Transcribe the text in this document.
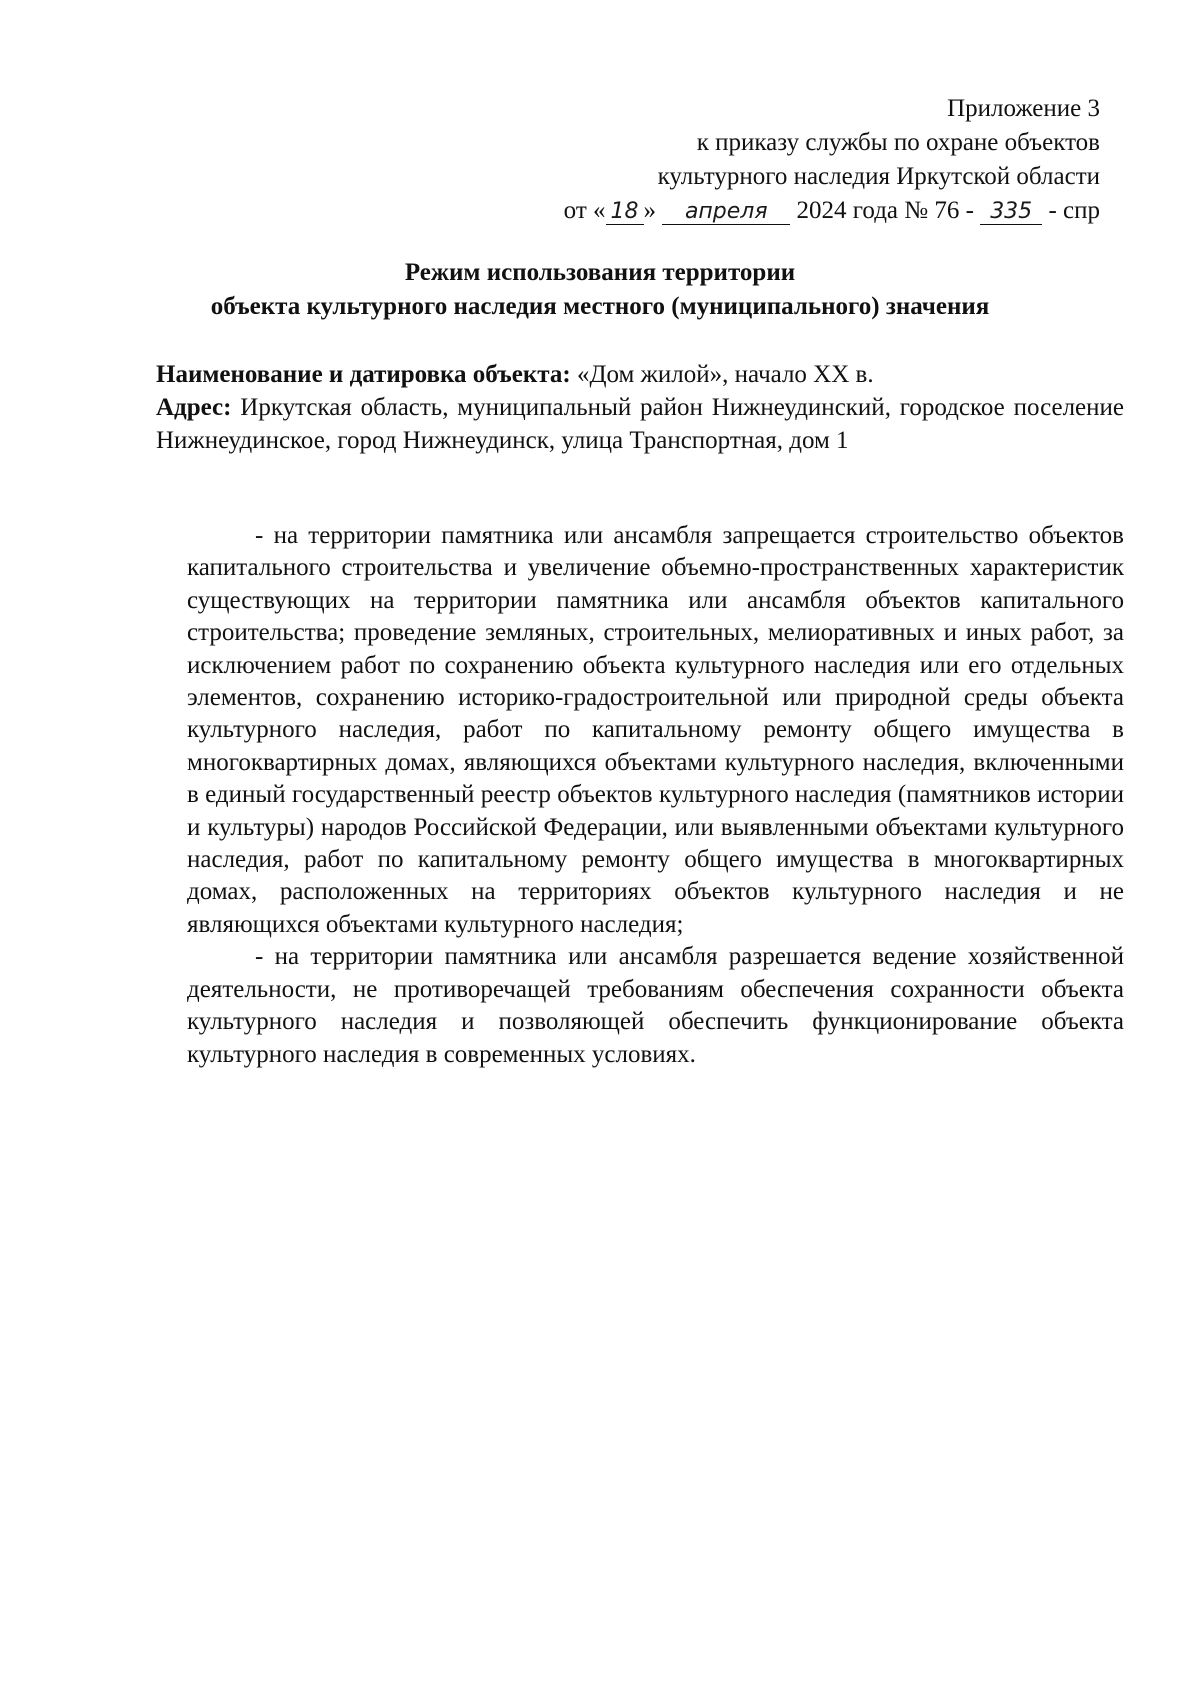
Приложение 3
к приказу службы по охране объектов
культурного наследия Иркутской области
от « 18 » апреля 2024 года № 76 - 335 - спр
Режим использования территории
объекта культурного наследия местного (муниципального) значения

Наименование и датировка объекта: «Дом жилой», начало XX в.

Адрес: Иркутская область, муниципальный район Нижнеудинский, городское поселение Нижнеудинское, город Нижнеудинск, улица Транспортная, дом 1

- на территории памятника или ансамбля запрещается строительство объектов капитального строительства и увеличение объемно-пространственных характеристик существующих на территории памятника или ансамбля объектов капитального строительства; проведение земляных, строительных, мелиоративных и иных работ, за исключением работ по сохранению объекта культурного наследия или его отдельных элементов, сохранению историко-градостроительной или природной среды объекта культурного наследия, работ по капитальному ремонту общего имущества в многоквартирных домах, являющихся объектами культурного наследия, включенными в единый государственный реестр объектов культурного наследия (памятников истории и культуры) народов Российской Федерации, или выявленными объектами культурного наследия, работ по капитальному ремонту общего имущества в многоквартирных домах, расположенных на территориях объектов культурного наследия и не являющихся объектами культурного наследия;

- на территории памятника или ансамбля разрешается ведение хозяйственной деятельности, не противоречащей требованиям обеспечения сохранности объекта культурного наследия и позволяющей обеспечить функционирование объекта культурного наследия в современных условиях.
